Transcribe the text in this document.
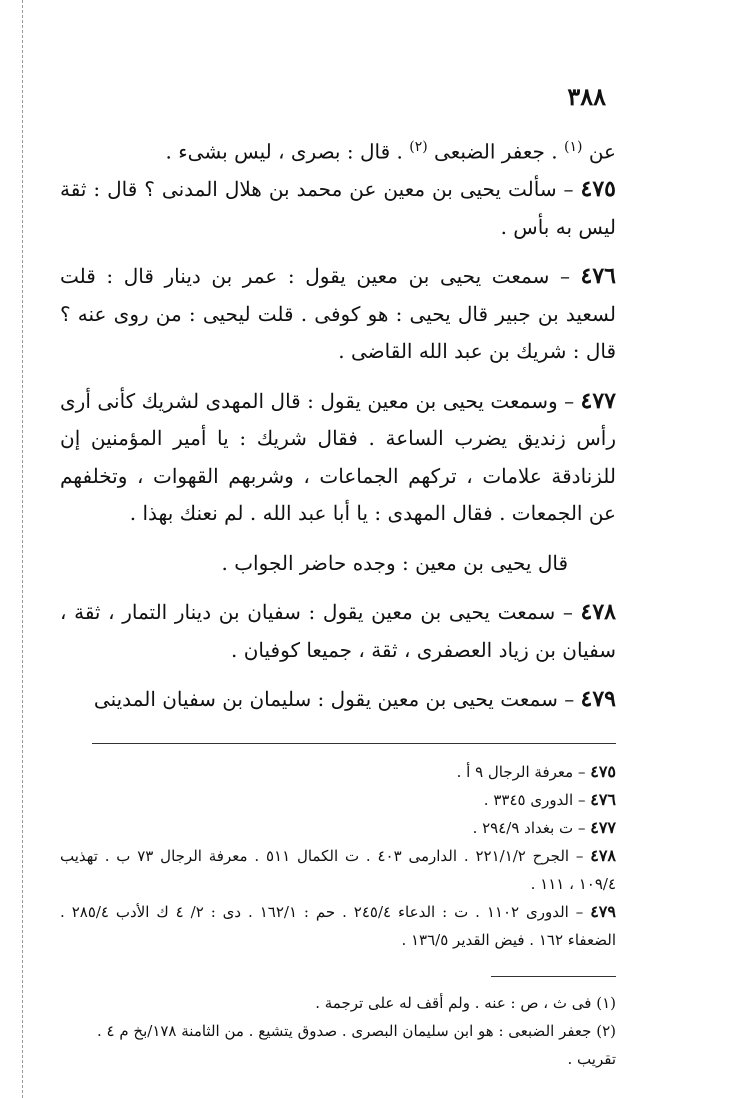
٣٨٨

عن $^{(١)}$ . جعفر الضبعى $^{(٢)}$ . قال : بصرى ، ليس بشىء .

٤٧٥ – سألت يحيى بن معين عن محمد بن هلال المدنى ؟ قال : ثقة ليس به بأس .

٤٧٦ – سمعت يحيى بن معين يقول : عمر بن دينار قال : قلت لسعيد بن جبير قال يحيى : هو كوفى . قلت ليحيى : من روى عنه ؟ قال : شريك بن عبد الله القاضى .

٤٧٧ – وسمعت يحيى بن معين يقول : قال المهدى لشريك كأنى أرى رأس زنديق يضرب الساعة . فقال شريك : يا أمير المؤمنين إن للزنادقة علامات ، تركهم الجماعات ، وشربهم القهوات ، وتخلفهم عن الجمعات . فقال المهدى : يا أبا عبد الله . لم نعنك بهذا .

قال يحيى بن معين : وجده حاضر الجواب .

٤٧٨ – سمعت يحيى بن معين يقول : سفيان بن دينار التمار ، ثقة ، سفيان بن زياد العصفرى ، ثقة ، جميعا كوفيان .

٤٧٩ – سمعت يحيى بن معين يقول : سليمان بن سفيان المدينى

٤٧٥ – معرفة الرجال ٩ أ .

٤٧٦ – الدورى ٣٣٤٥ .

٤٧٧ – ت بغداد ٢٩٤/٩ .

٤٧٨ – الجرح ٢٢١/١/٢ . الدارمى ٤٠٣ . ت الكمال ٥١١ . معرفة الرجال ٧٣ ب . تهذيب ١٠٩/٤ ، ١١١ .

٤٧٩ – الدورى ١١٠٢ . ت : الدعاء ٢٤٥/٤ . حم : ١٦٢/١ . دى : ٢/ ٤ ك الأدب ٢٨٥/٤ . الضعفاء ١٦٢ . فيض القدير ١٣٦/٥ .

(١) فى ث ، ص : عنه . ولم أقف له على ترجمة .

(٢) جعفر الضبعى : هو ابن سليمان البصرى . صدوق يتشيع . من الثامنة ١٧٨/بخ م ٤ . تقريب .
